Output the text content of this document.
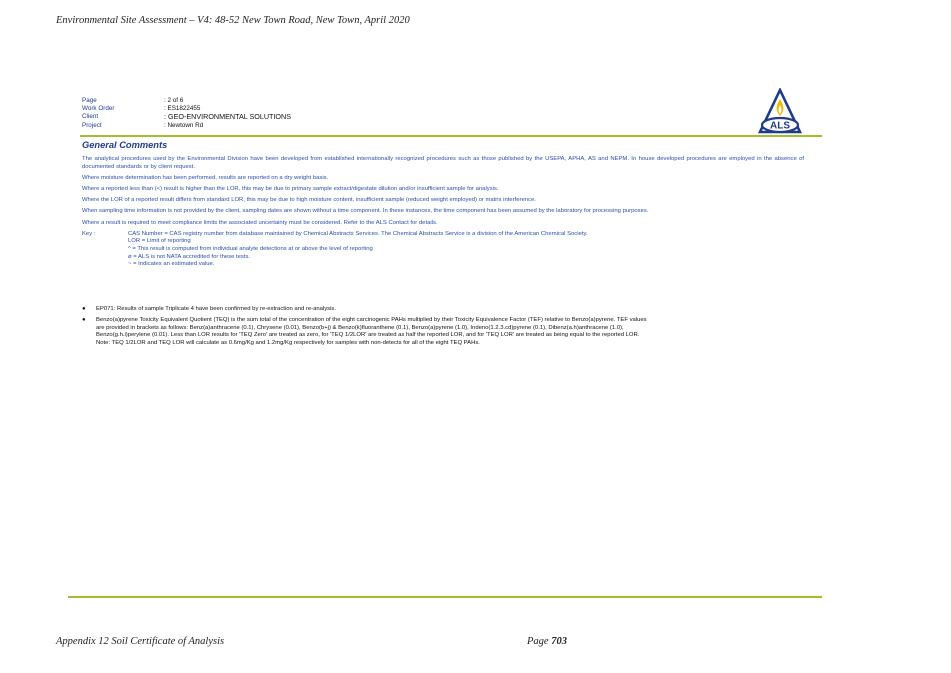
Environmental Site Assessment – V4: 48-52 New Town Road, New Town, April 2020
Page	: 2 of 6
Work Order	: ES1822455
Client	: GEO-ENVIRONMENTAL SOLUTIONS
Project	: Newtown Rd	ALS
General Comments
The analytical procedures used by the Environmental Division have been developed from established internationally recognized procedures such as those published by the USEPA, APHA, AS and NEPM. In house developed procedures are employed in the absence of documented standards or by client request.
Where moisture determination has been performed, results are reported on a dry weight basis.
Where a reported less than (<) result is higher than the LOR, this may be due to primary sample extract/digestate dilution and/or insufficient sample for analysis.
Where the LOR of a reported result differs from standard LOR, this may be due to high moisture content, insufficient sample (reduced weight employed) or matrix interference.
When sampling time information is not provided by the client, sampling dates are shown without a time component. In these instances, the time component has been assumed by the laboratory for processing purposes.
Where a result is required to meet compliance limits the associated uncertainty must be considered. Refer to the ALS Contact for details.
Key :	CAS Number = CAS registry number from database maintained by Chemical Abstracts Services. The Chemical Abstracts Service is a division of the American Chemical Society.
LOR = Limit of reporting
^ = This result is computed from individual analyte detections at or above the level of reporting
ø = ALS is not NATA accredited for these tests.
~ = Indicates an estimated value.
●	EP071: Results of sample Triplicate 4 have been confirmed by re-extraction and re-analysis.
●	Benzo(a)pyrene Toxicity Equivalent Quotient (TEQ) is the sum total of the concentration of the eight carcinogenic PAHs multiplied by their Toxicity Equivalence Factor (TEF) relative to Benzo(a)pyrene. TEF values
are provided in brackets as follows: Benz(a)anthracene (0.1), Chrysene (0.01), Benzo(b+j) & Benzo(k)fluoranthene (0.1), Benzo(a)pyrene (1.0), Indeno(1.2.3.cd)pyrene (0.1), Dibenz(a.h)anthracene (1.0),
Benzo(g.h.i)perylene (0.01). Less than LOR results for 'TEQ Zero' are treated as zero, for 'TEQ 1/2LOR' are treated as half the reported LOR, and for 'TEQ LOR' are treated as being equal to the reported LOR.
Note: TEQ 1/2LOR and TEQ LOR will calculate as 0.6mg/Kg and 1.2mg/Kg respectively for samples with non-detects for all of the eight TEQ PAHs.
Appendix 12 Soil Certificate of Analysis	Page 703
